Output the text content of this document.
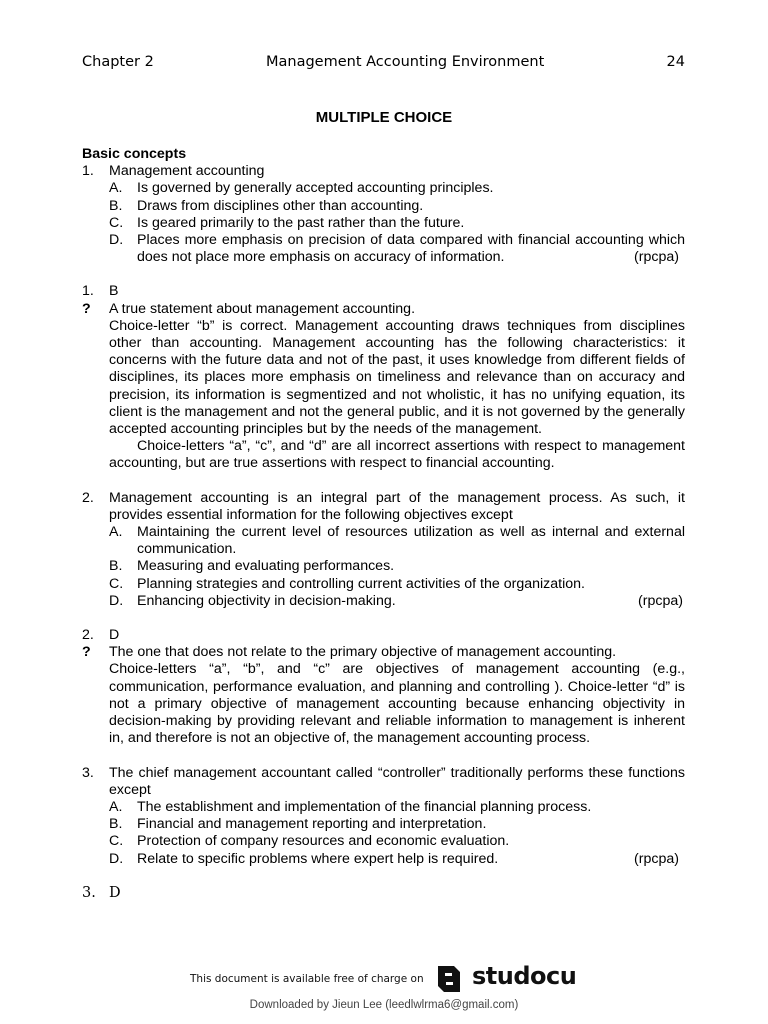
Chapter 2	Management Accounting Environment	24
MULTIPLE CHOICE
Basic concepts
1.	Management accounting
A.	Is governed by generally accepted accounting principles.
B.	Draws from disciplines other than accounting.
C. Is geared primarily to the past rather than the future.
D. Places more emphasis on precision of data compared with financial accounting which does not place more emphasis on accuracy of information.	(rpcpa)
1.	B
?	A true statement about management accounting.
Choice-letter “b” is correct. Management accounting draws techniques from disciplines other than accounting. Management accounting has the following characteristics: it concerns with the future data and not of the past, it uses knowledge from different fields of disciplines, its places more emphasis on timeliness and relevance than on accuracy and precision, its information is segmentized and not wholistic, it has no unifying equation, its client is the management and not the general public, and it is not governed by the generally accepted accounting principles but by the needs of the management.
Choice-letters “a”, “c”, and “d” are all incorrect assertions with respect to management accounting, but are true assertions with respect to financial accounting.
2.	Management accounting is an integral part of the management process. As such, it provides essential information for the following objectives except
A.	Maintaining the current level of resources utilization as well as internal and external communication.
B.	Measuring and evaluating performances.
C. Planning strategies and controlling current activities of the organization.
D. Enhancing objectivity in decision-making.	(rpcpa)
2.	D
?	The one that does not relate to the primary objective of management accounting.
Choice-letters “a”, “b”, and “c” are objectives of management accounting (e.g., communication, performance evaluation, and planning and controlling ). Choice-letter “d” is not a primary objective of management accounting because enhancing objectivity in decision-making by providing relevant and reliable information to management is inherent in, and therefore is not an objective of, the management accounting process.
3.	The chief management accountant called “controller” traditionally performs these functions except
A.	The establishment and implementation of the financial planning process.
B.	Financial and management reporting and interpretation.
C. Protection of company resources and economic evaluation.
D. Relate to specific problems where expert help is required.	(rpcpa)
3. D
This document is available free of charge on studocu
Downloaded by Jieun Lee (leedlwlrma6@gmail.com)
